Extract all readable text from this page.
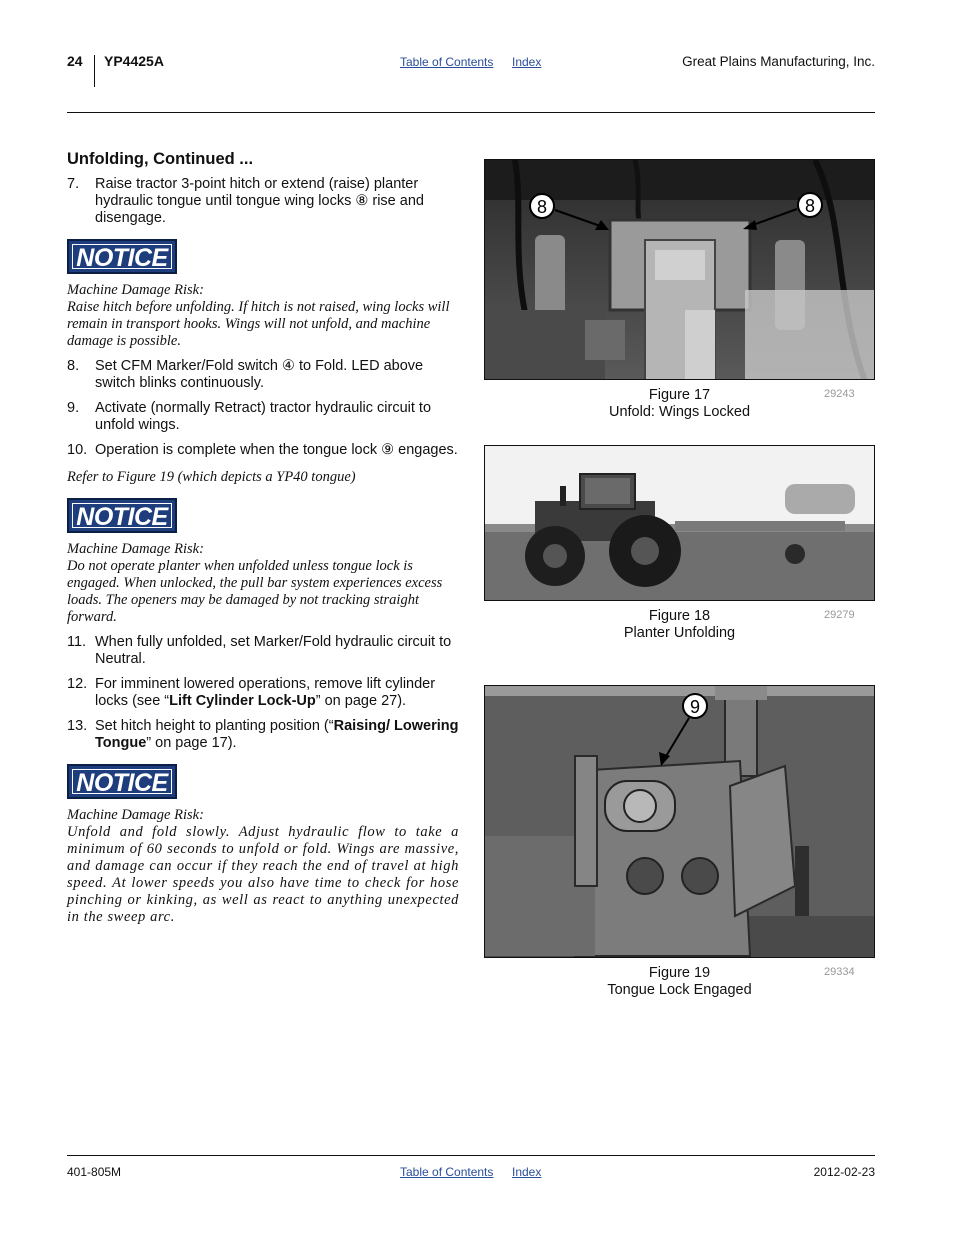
24 YP4425A	Table of Contents Index	Great Plains Manufacturing, Inc.
Unfolding, Continued ...
7.	Raise tractor 3-point hitch or extend (raise) planter hydraulic tongue until tongue wing locks ⑧ rise and disengage.
NOTICE
Machine Damage Risk:
Raise hitch before unfolding. If hitch is not raised, wing locks will remain in transport hooks. Wings will not unfold, and machine damage is possible.
8.	Set CFM Marker/Fold switch ④ to Fold. LED above switch blinks continuously.
9.	Activate (normally Retract) tractor hydraulic circuit to unfold wings.
10. Operation is complete when the tongue lock ⑨ engages.
Refer to Figure 19 (which depicts a YP40 tongue)
NOTICE
Machine Damage Risk:
Do not operate planter when unfolded unless tongue lock is engaged. When unlocked, the pull bar system experiences excess loads. The openers may be damaged by not tracking straight forward.
11. When fully unfolded, set Marker/Fold hydraulic circuit to Neutral.
12. For imminent lowered operations, remove lift cylinder locks (see “Lift Cylinder Lock-Up” on page 27).
13. Set hitch height to planting position (“Raising/ Lowering Tongue” on page 17).
NOTICE
Machine Damage Risk:
Unfold and fold slowly. Adjust hydraulic flow to take a minimum of 60 seconds to unfold or fold. Wings are massive, and damage can occur if they reach the end of travel at high speed. At lower speeds you also have time to check for hose pinching or kinking, as well as react to anything unexpected in the sweep arc.
8	8
Figure 17
Unfold: Wings Locked
29243
Figure 18
Planter Unfolding
29279
9
Figure 19
Tongue Lock Engaged
29334
401-805M	Table of Contents Index	2012-02-23
